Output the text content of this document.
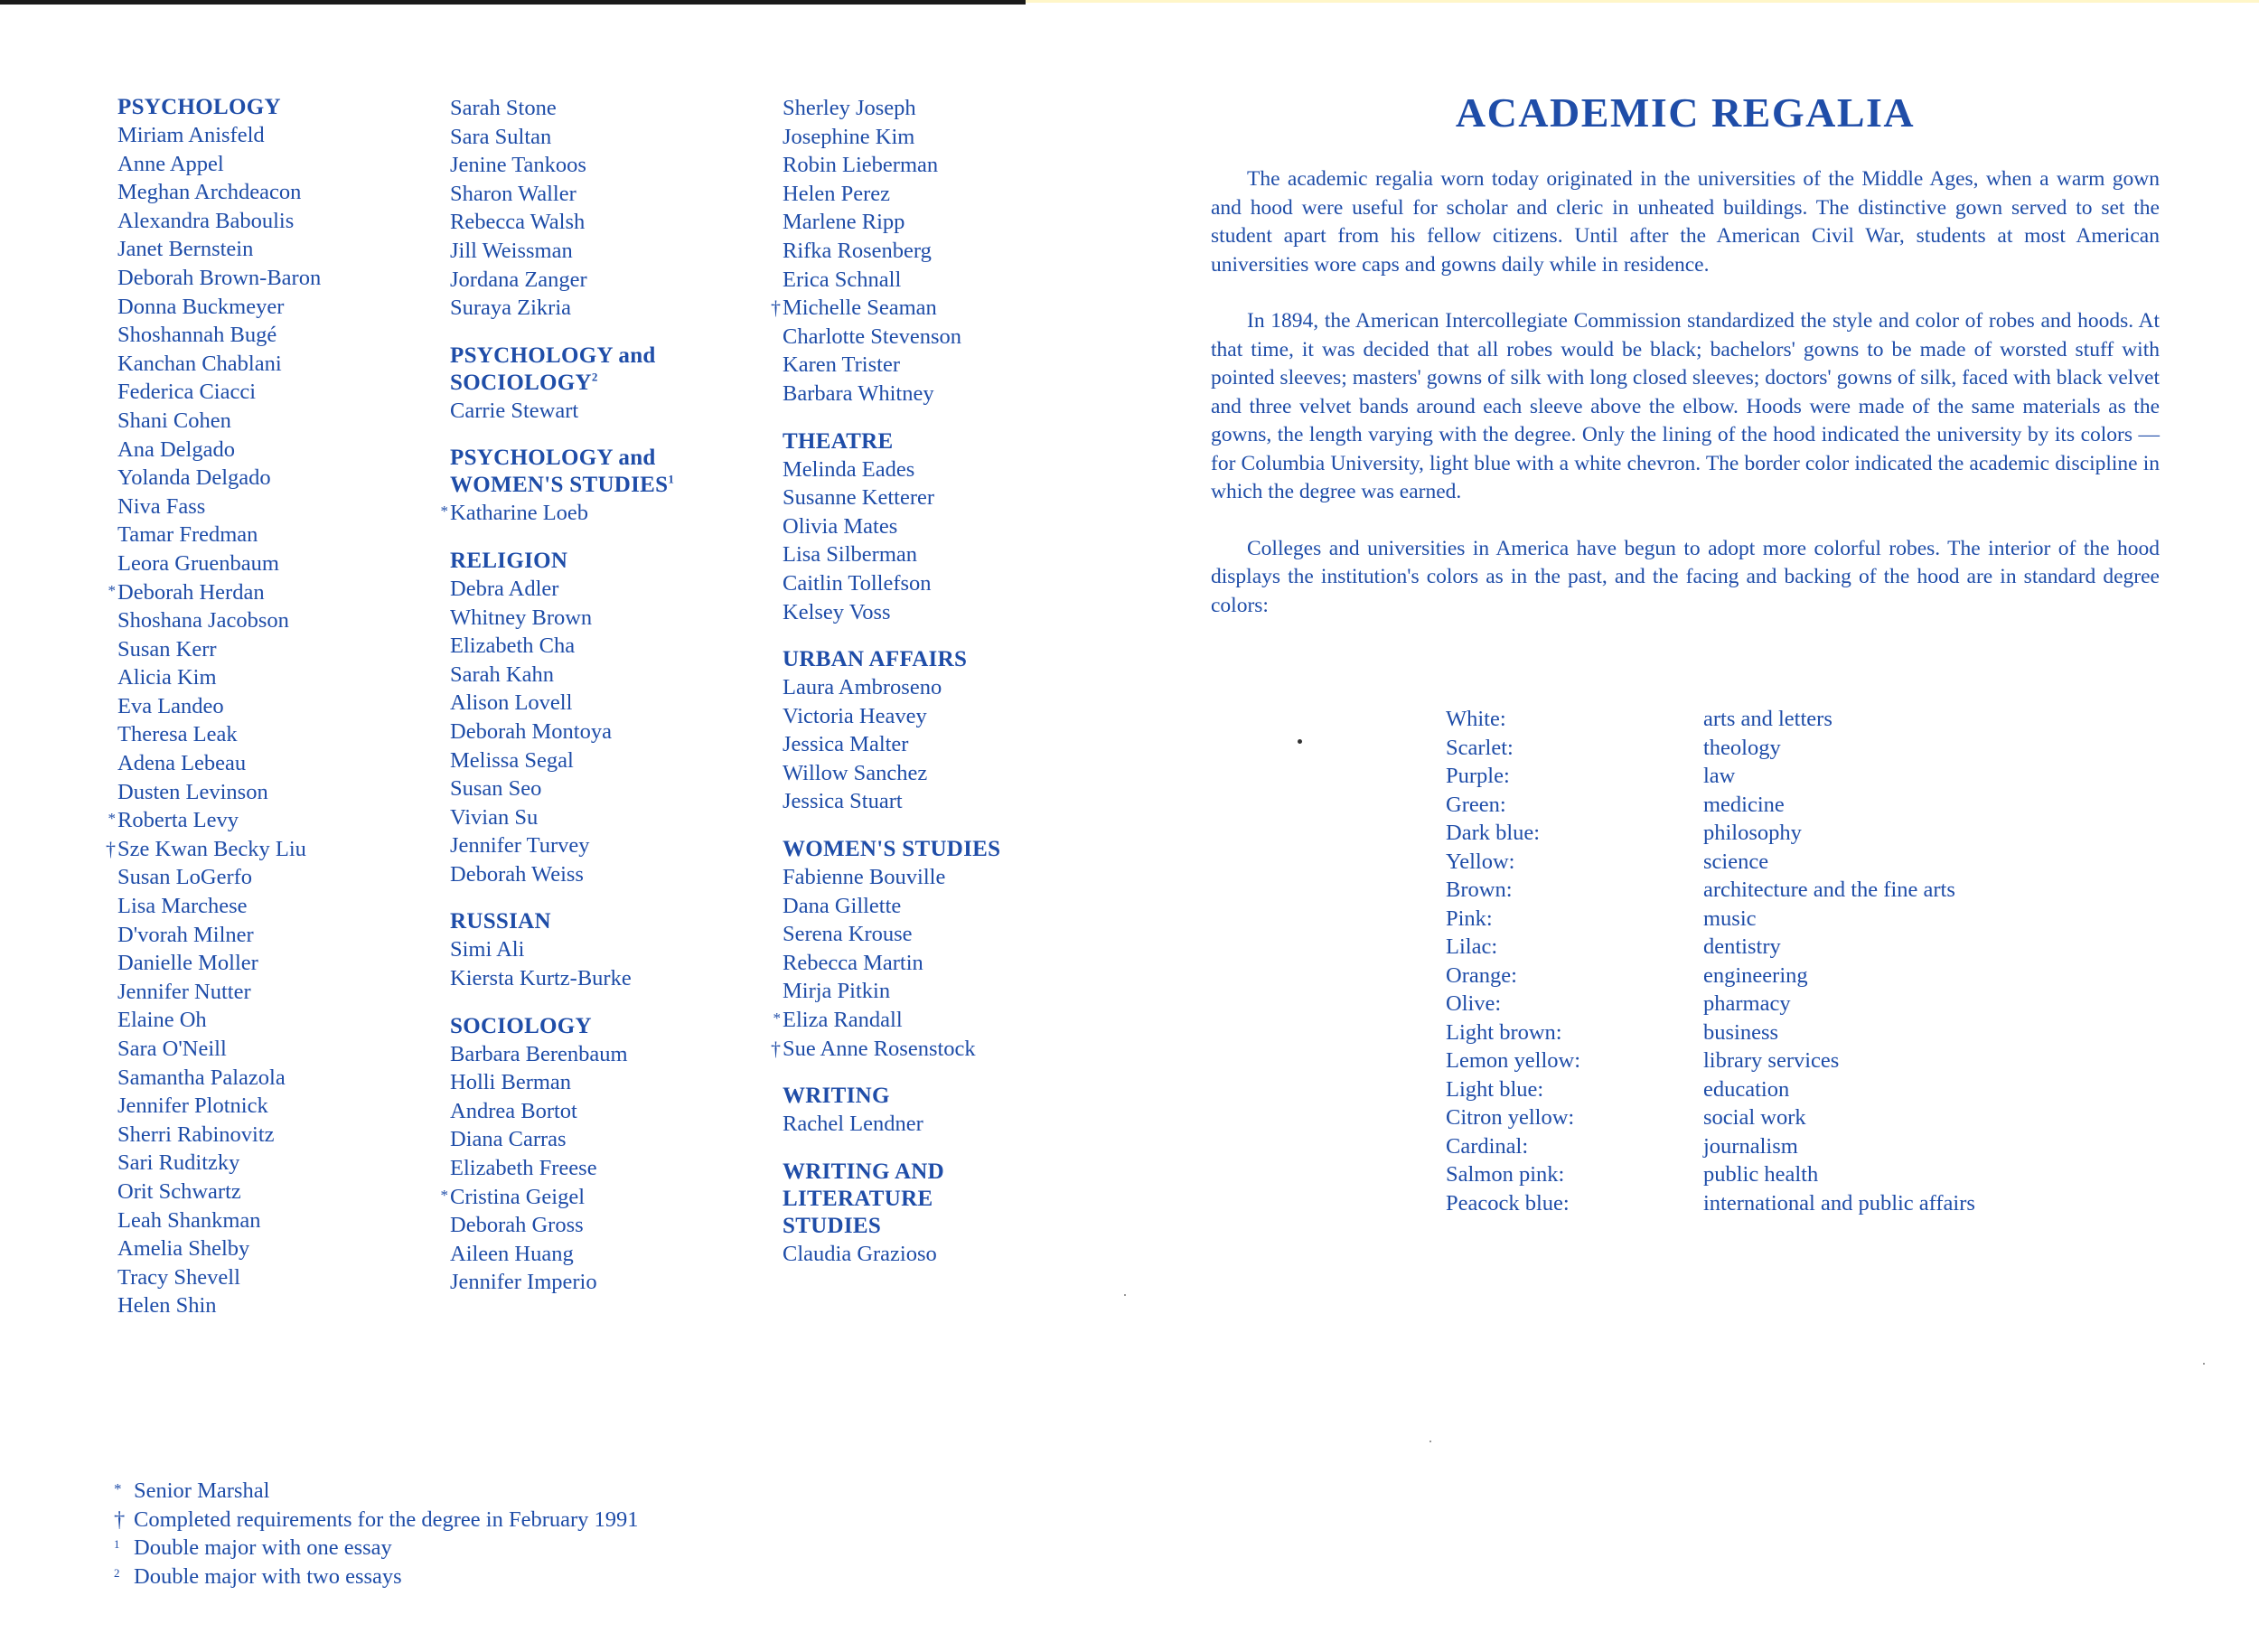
PSYCHOLOGY
Miriam Anisfeld
Anne Appel
Meghan Archdeacon
Alexandra Baboulis
Janet Bernstein
Deborah Brown-Baron
Donna Buckmeyer
Shoshannah Bugé
Kanchan Chablani
Federica Ciacci
Shani Cohen
Ana Delgado
Yolanda Delgado
Niva Fass
Tamar Fredman
Leora Gruenbaum
* Deborah Herdan
Shoshana Jacobson
Susan Kerr
Alicia Kim
Eva Landeo
Theresa Leak
Adena Lebeau
Dusten Levinson
* Roberta Levy
† Sze Kwan Becky Liu
Susan LoGerfo
Lisa Marchese
D'vorah Milner
Danielle Moller
Jennifer Nutter
Elaine Oh
Sara O'Neill
Samantha Palazola
Jennifer Plotnick
Sherri Rabinovitz
Sari Ruditzky
Orit Schwartz
Leah Shankman
Amelia Shelby
Tracy Shevell
Helen Shin
Sarah Stone
Sara Sultan
Jenine Tankoos
Sharon Waller
Rebecca Walsh
Jill Weissman
Jordana Zanger
Suraya Zikria
PSYCHOLOGY and
SOCIOLOGY$^2$
Carrie Stewart
PSYCHOLOGY and
WOMEN'S STUDIES$^1$
* Katharine Loeb
RELIGION
Debra Adler
Whitney Brown
Elizabeth Cha
Sarah Kahn
Alison Lovell
Deborah Montoya
Melissa Segal
Susan Seo
Vivian Su
Jennifer Turvey
Deborah Weiss
RUSSIAN
Simi Ali
Kiersta Kurtz-Burke
SOCIOLOGY
Barbara Berenbaum
Holli Berman
Andrea Bortot
Diana Carras
Elizabeth Freese
* Cristina Geigel
Deborah Gross
Aileen Huang
Jennifer Imperio
Sherley Joseph
Josephine Kim
Robin Lieberman
Helen Perez
Marlene Ripp
Rifka Rosenberg
Erica Schnall
† Michelle Seaman
Charlotte Stevenson
Karen Trister
Barbara Whitney
THEATRE
Melinda Eades
Susanne Ketterer
Olivia Mates
Lisa Silberman
Caitlin Tollefson
Kelsey Voss
URBAN AFFAIRS
Laura Ambroseno
Victoria Heavey
Jessica Malter
Willow Sanchez
Jessica Stuart
WOMEN'S STUDIES
Fabienne Bouville
Dana Gillette
Serena Krouse
Rebecca Martin
Mirja Pitkin
* Eliza Randall
† Sue Anne Rosenstock
WRITING
Rachel Lendner
WRITING AND
LITERATURE
STUDIES
Claudia Grazioso
ACADEMIC REGALIA

The academic regalia worn today originated in the universities of the Middle Ages, when a warm gown and hood were useful for scholar and cleric in unheated buildings. The distinctive gown served to set the student apart from his fellow citizens. Until after the American Civil War, students at most American universities wore caps and gowns daily while in residence.

In 1894, the American Intercollegiate Commission standardized the style and color of robes and hoods. At that time, it was decided that all robes would be black; bachelors' gowns to be made of worsted stuff with pointed sleeves; masters' gowns of silk with long closed sleeves; doctors' gowns of silk, faced with black velvet and three velvet bands around each sleeve above the elbow. Hoods were made of the same materials as the gowns, the length varying with the degree. Only the lining of the hood indicated the university by its colors — for Columbia University, light blue with a white chevron. The border color indicated the academic discipline in which the degree was earned.

Colleges and universities in America have begun to adopt more colorful robes. The interior of the hood displays the institution's colors as in the past, and the facing and backing of the hood are in standard degree colors:

White:	arts and letters
Scarlet:	theology
Purple:	law
Green:	medicine
Dark blue:	philosophy
Yellow:	science
Brown:	architecture and the fine arts
Pink:	music
Lilac:	dentistry
Orange:	engineering
Olive:	pharmacy
Light brown:	business
Lemon yellow:	library services
Light blue:	education
Citron yellow:	social work
Cardinal:	journalism
Salmon pink:	public health
Peacock blue:	international and public affairs
* Senior Marshal
† Completed requirements for the degree in February 1991
1 Double major with one essay
2 Double major with two essays
